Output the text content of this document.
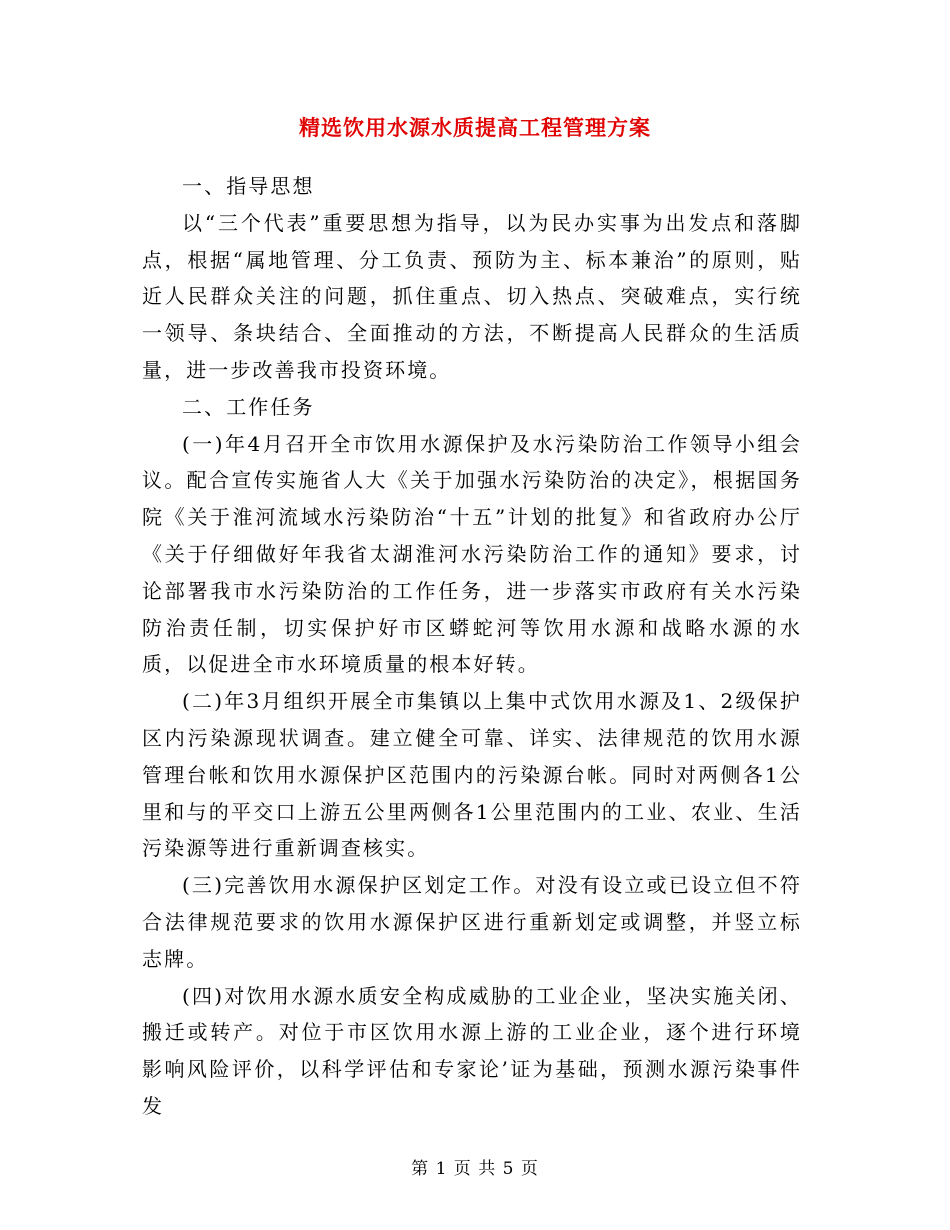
精选饮用水源水质提高工程管理方案

一、指导思想

以“三个代表”重要思想为指导，以为民办实事为出发点和落脚点，根据“属地管理、分工负责、预防为主、标本兼治”的原则，贴近人民群众关注的问题，抓住重点、切入热点、突破难点，实行统一领导、条块结合、全面推动的方法，不断提高人民群众的生活质量，进一步改善我市投资环境。

二、工作任务

(一)年4月召开全市饮用水源保护及水污染防治工作领导小组会议。配合宣传实施省人大《关于加强水污染防治的决定》，根据国务院《关于淮河流域水污染防治“十五”计划的批复》和省政府办公厅《关于仔细做好年我省太湖淮河水污染防治工作的通知》要求，讨论部署我市水污染防治的工作任务，进一步落实市政府有关水污染防治责任制，切实保护好市区蟒蛇河等饮用水源和战略水源的水质，以促进全市水环境质量的根本好转。

(二)年3月组织开展全市集镇以上集中式饮用水源及1、2级保护区内污染源现状调查。建立健全可靠、详实、法律规范的饮用水源管理台帐和饮用水源保护区范围内的污染源台帐。同时对两侧各1公里和与的平交口上游五公里两侧各1公里范围内的工业、农业、生活污染源等进行重新调查核实。

(三)完善饮用水源保护区划定工作。对没有设立或已设立但不符合法律规范要求的饮用水源保护区进行重新划定或调整，并竖立标志牌。

(四)对饮用水源水质安全构成威胁的工业企业，坚决实施关闭、搬迁或转产。对位于市区饮用水源上游的工业企业，逐个进行环境影响风险评价，以科学评估和专家论’证为基础，预测水源污染事件发

第 1 页 共 5 页
